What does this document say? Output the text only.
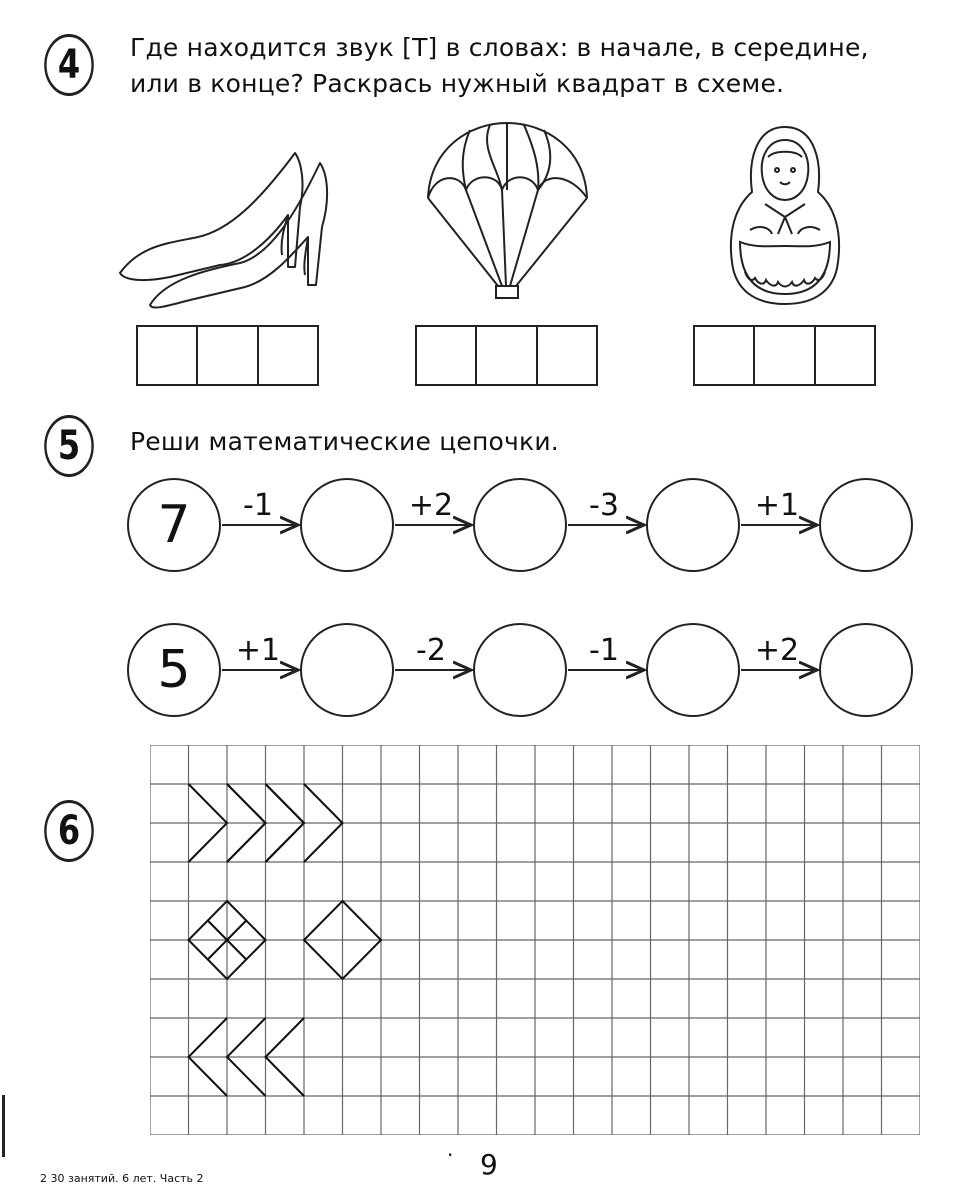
4	Где находится звук [Т] в словах: в начале, в середине,
или в конце? Раскрась нужный квадрат в схеме.
5	Реши математические цепочки.
7	-1	+2	-3	+1
5	+1	-2	-1	+2
6
2 30 занятий. 6 лет. Часть 2
· 9
